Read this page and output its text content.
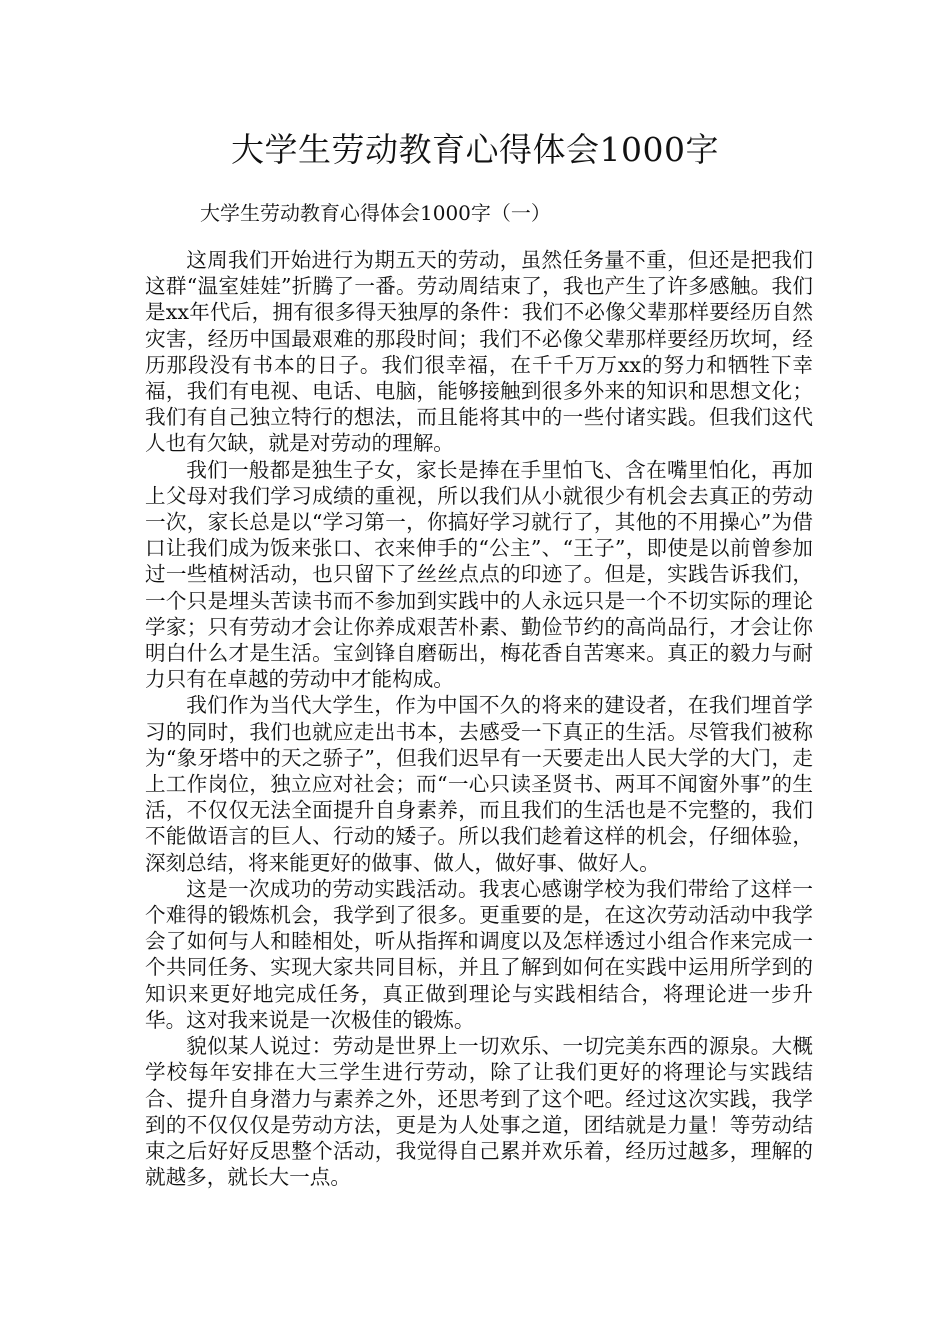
大学生劳动教育心得体会1000字
大学生劳动教育心得体会1000字（一）

这周我们开始进行为期五天的劳动，虽然任务量不重，但还是把我们这群“温室娃娃”折腾了一番。劳动周结束了，我也产生了许多感触。我们是xx年代后，拥有很多得天独厚的条件：我们不必像父辈那样要经历自然灾害，经历中国最艰难的那段时间；我们不必像父辈那样要经历坎坷，经历那段没有书本的日子。我们很幸福，在千千万万xx的努力和牺牲下幸福，我们有电视、电话、电脑，能够接触到很多外来的知识和思想文化；我们有自己独立特行的想法，而且能将其中的一些付诸实践。但我们这代人也有欠缺，就是对劳动的理解。

我们一般都是独生子女，家长是捧在手里怕飞、含在嘴里怕化，再加上父母对我们学习成绩的重视，所以我们从小就很少有机会去真正的劳动一次，家长总是以“学习第一，你搞好学习就行了，其他的不用操心”为借口让我们成为饭来张口、衣来伸手的“公主”、“王子”，即使是以前曾参加过一些植树活动，也只留下了丝丝点点的印迹了。但是，实践告诉我们，一个只是埋头苦读书而不参加到实践中的人永远只是一个不切实际的理论学家；只有劳动才会让你养成艰苦朴素、勤俭节约的高尚品行，才会让你明白什么才是生活。宝剑锋自磨砺出，梅花香自苦寒来。真正的毅力与耐力只有在卓越的劳动中才能构成。

我们作为当代大学生，作为中国不久的将来的建设者，在我们埋首学习的同时，我们也就应走出书本，去感受一下真正的生活。尽管我们被称为“象牙塔中的天之骄子”，但我们迟早有一天要走出人民大学的大门，走上工作岗位，独立应对社会；而“一心只读圣贤书、两耳不闻窗外事”的生活，不仅仅无法全面提升自身素养，而且我们的生活也是不完整的，我们不能做语言的巨人、行动的矮子。所以我们趁着这样的机会，仔细体验，深刻总结，将来能更好的做事、做人，做好事、做好人。

这是一次成功的劳动实践活动。我衷心感谢学校为我们带给了这样一个难得的锻炼机会，我学到了很多。更重要的是，在这次劳动活动中我学会了如何与人和睦相处，听从指挥和调度以及怎样透过小组合作来完成一个共同任务、实现大家共同目标，并且了解到如何在实践中运用所学到的知识来更好地完成任务，真正做到理论与实践相结合，将理论进一步升华。这对我来说是一次极佳的锻炼。

貌似某人说过：劳动是世界上一切欢乐、一切完美东西的源泉。大概学校每年安排在大三学生进行劳动，除了让我们更好的将理论与实践结合、提升自身潜力与素养之外，还思考到了这个吧。经过这次实践，我学到的不仅仅仅是劳动方法，更是为人处事之道，团结就是力量！等劳动结束之后好好反思整个活动，我觉得自己累并欢乐着，经历过越多，理解的就越多，就长大一点。
